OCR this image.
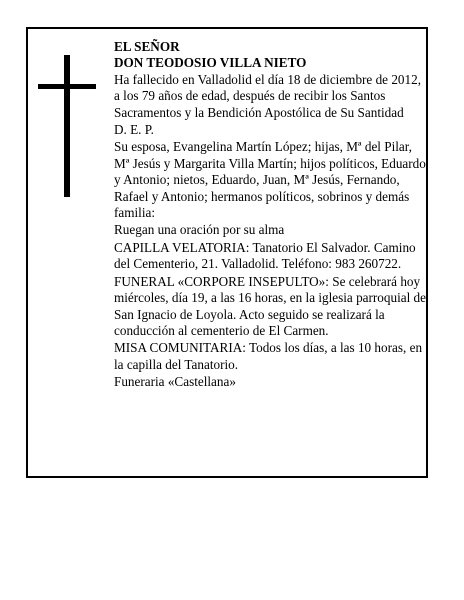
EL SEÑOR

DON TEODOSIO VILLA NIETO

Ha fallecido en Valladolid el día 18 de diciembre de 2012, a los 79 años de edad, después de recibir los Santos Sacramentos y la Bendición Apostólica de Su Santidad

D. E. P.

Su esposa, Evangelina Martín López; hijas, Mª del Pilar, Mª Jesús y Margarita Villa Martín; hijos políticos, Eduardo y Antonio; nietos, Eduardo, Juan, Mª Jesús, Fernando, Rafael y Antonio; hermanos políticos, sobrinos y demás familia:

Ruegan una oración por su alma

CAPILLA VELATORIA: Tanatorio El Salvador. Camino del Cementerio, 21. Valladolid. Teléfono: 983 260722.

FUNERAL «CORPORE INSEPULTO»: Se celebrará hoy miércoles, día 19, a las 16 horas, en la iglesia parroquial de San Ignacio de Loyola. Acto seguido se realizará la conducción al cementerio de El Carmen.

MISA COMUNITARIA: Todos los días, a las 10 horas, en la capilla del Tanatorio.

Funeraria «Castellana»
